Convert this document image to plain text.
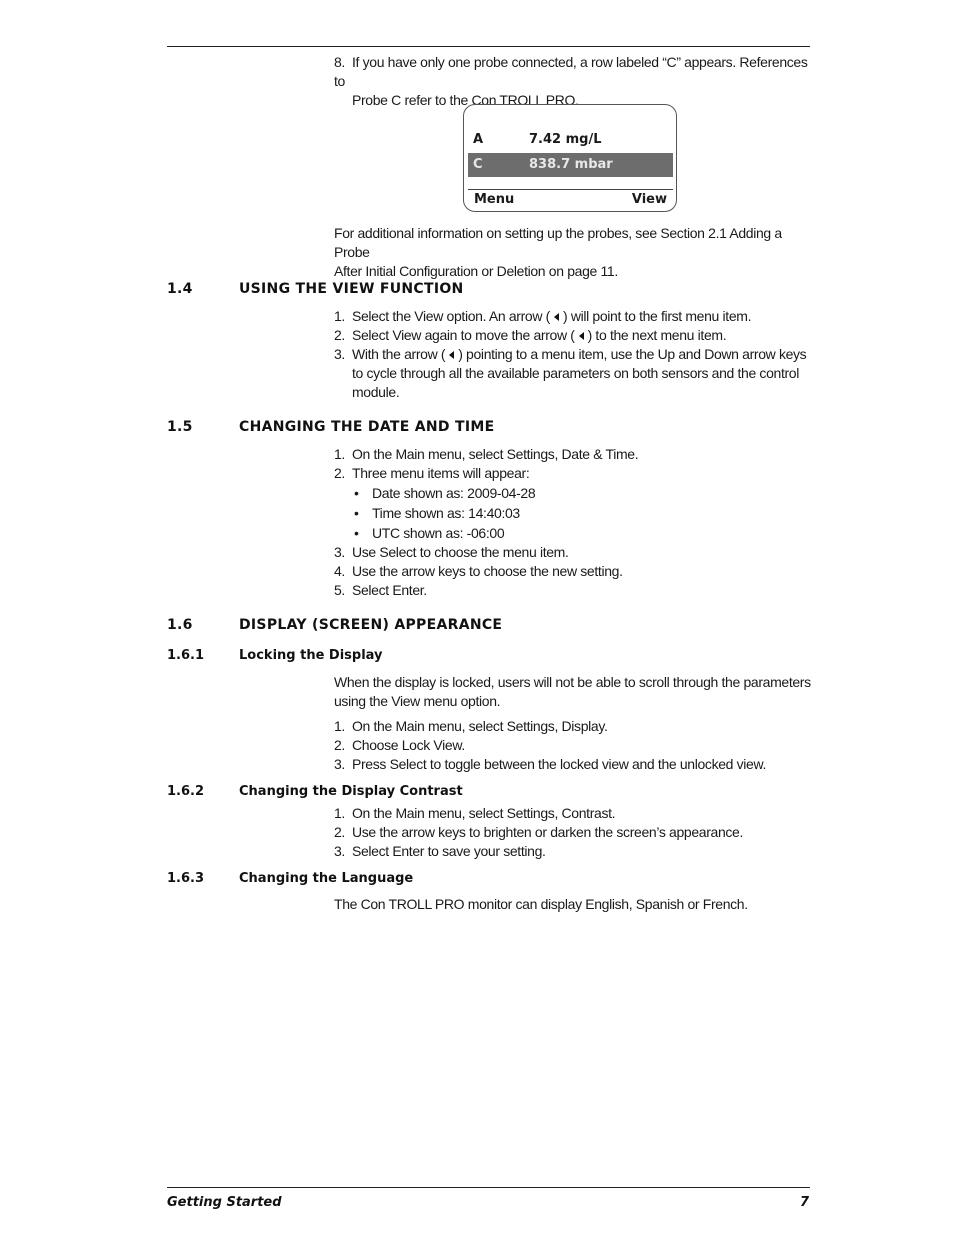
8. If you have only one probe connected, a row labeled “C” appears. References to
Probe C refer to the Con TROLL PRO.
A	7.42 mg/L
C	838.7 mbar
Menu	View
For additional information on setting up the probes, see Section 2.1 Adding a Probe
After Initial Configuration or Deletion on page 11.
1.4	USING THE VIEW FUNCTION
1. Select the View option. An arrow ( ) will point to the first menu item.
2. Select View again to move the arrow ( ) to the next menu item.
3. With the arrow ( ) pointing to a menu item, use the Up and Down arrow keys
to cycle through all the available parameters on both sensors and the control
module.
1.5	CHANGING THE DATE AND TIME
1. On the Main menu, select Settings, Date & Time.
2. Three menu items will appear:
• Date shown as: 2009-04-28
• Time shown as: 14:40:03
• UTC shown as: -06:00
3. Use Select to choose the menu item.
4. Use the arrow keys to choose the new setting.
5. Select Enter.
1.6	DISPLAY (SCREEN) APPEARANCE
1.6.1	Locking the Display
When the display is locked, users will not be able to scroll through the parameters
using the View menu option.
1. On the Main menu, select Settings, Display.
2. Choose Lock View.
3. Press Select to toggle between the locked view and the unlocked view.
1.6.2	Changing the Display Contrast
1. On the Main menu, select Settings, Contrast.
2. Use the arrow keys to brighten or darken the screen’s appearance.
3. Select Enter to save your setting.
1.6.3	Changing the Language
The Con TROLL PRO monitor can display English, Spanish or French.
Getting Started	7
